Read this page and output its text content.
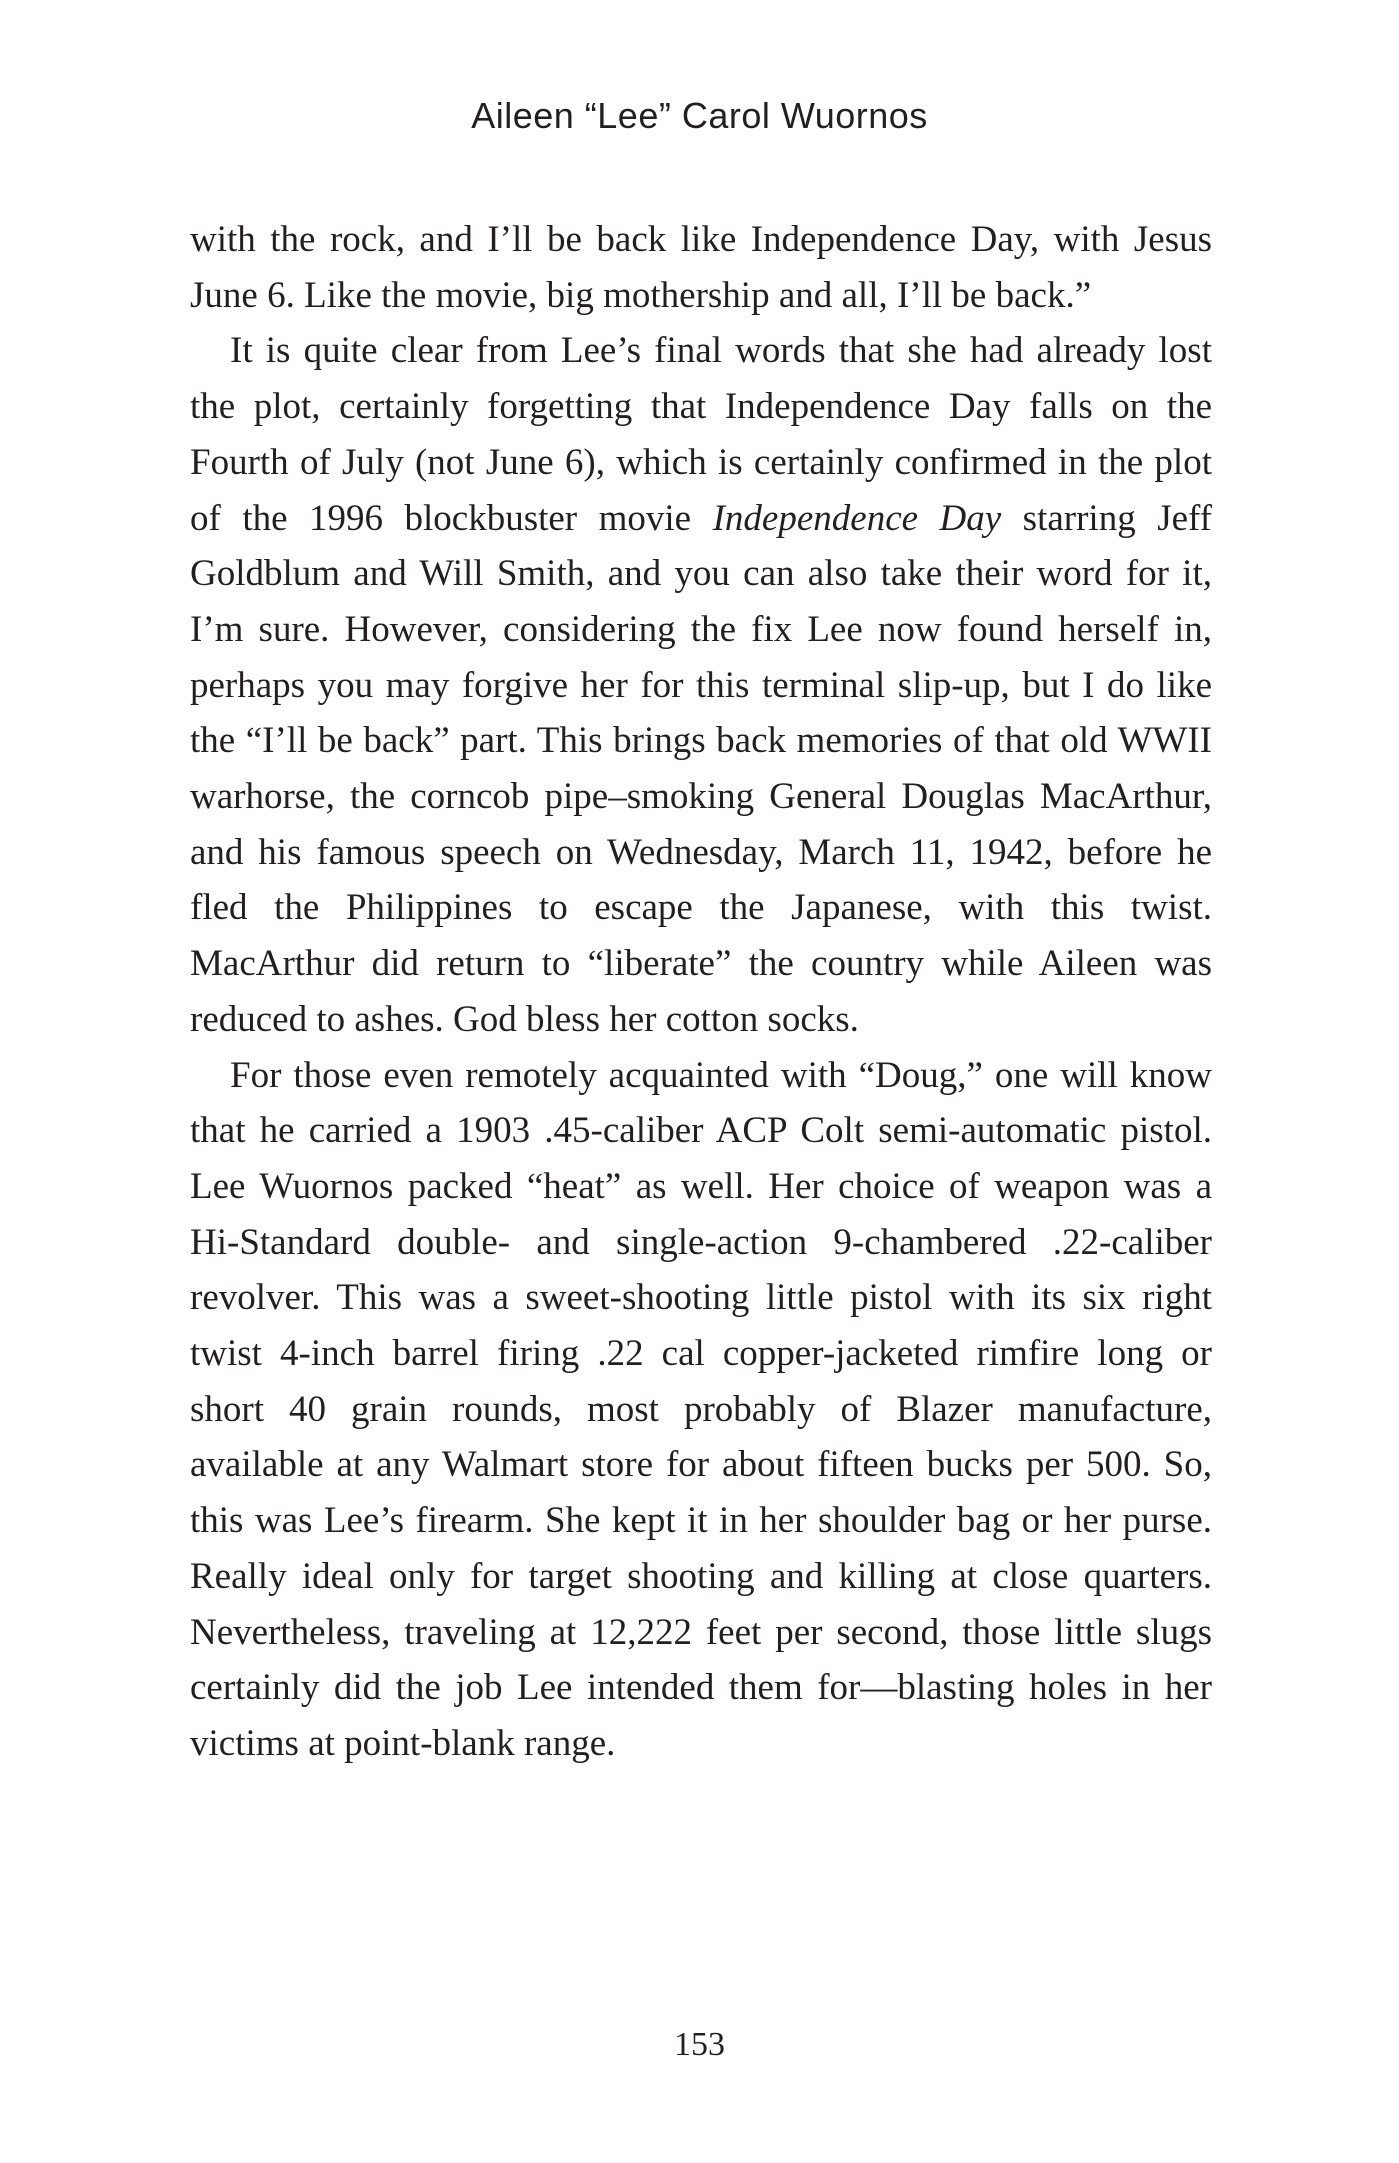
Aileen “Lee” Carol Wuornos

with the rock, and I’ll be back like Independence Day, with Jesus June 6. Like the movie, big mothership and all, I’ll be back.”

It is quite clear from Lee’s final words that she had already lost the plot, certainly forgetting that Independence Day falls on the Fourth of July (not June 6), which is certainly confirmed in the plot of the 1996 blockbuster movie Independence Day starring Jeff Goldblum and Will Smith, and you can also take their word for it, I’m sure. However, considering the fix Lee now found herself in, perhaps you may forgive her for this terminal slip-up, but I do like the “I’ll be back” part. This brings back memories of that old WWII warhorse, the corncob pipe–smoking General Douglas MacArthur, and his famous speech on Wednesday, March 11, 1942, before he fled the Philippines to escape the Japanese, with this twist. MacArthur did return to “liberate” the country while Aileen was reduced to ashes. God bless her cotton socks.

For those even remotely acquainted with “Doug,” one will know that he carried a 1903 .45-caliber ACP Colt semi-automatic pistol. Lee Wuornos packed “heat” as well. Her choice of weapon was a Hi-Standard double- and single-action 9-chambered .22-caliber revolver. This was a sweet-shooting little pistol with its six right twist 4-inch barrel firing .22 cal copper-jacketed rimfire long or short 40 grain rounds, most probably of Blazer manufacture, available at any Walmart store for about fifteen bucks per 500. So, this was Lee’s firearm. She kept it in her shoulder bag or her purse. Really ideal only for target shooting and killing at close quarters. Nevertheless, traveling at 12,222 feet per second, those little slugs certainly did the job Lee intended them for—blasting holes in her victims at point-blank range.

153
